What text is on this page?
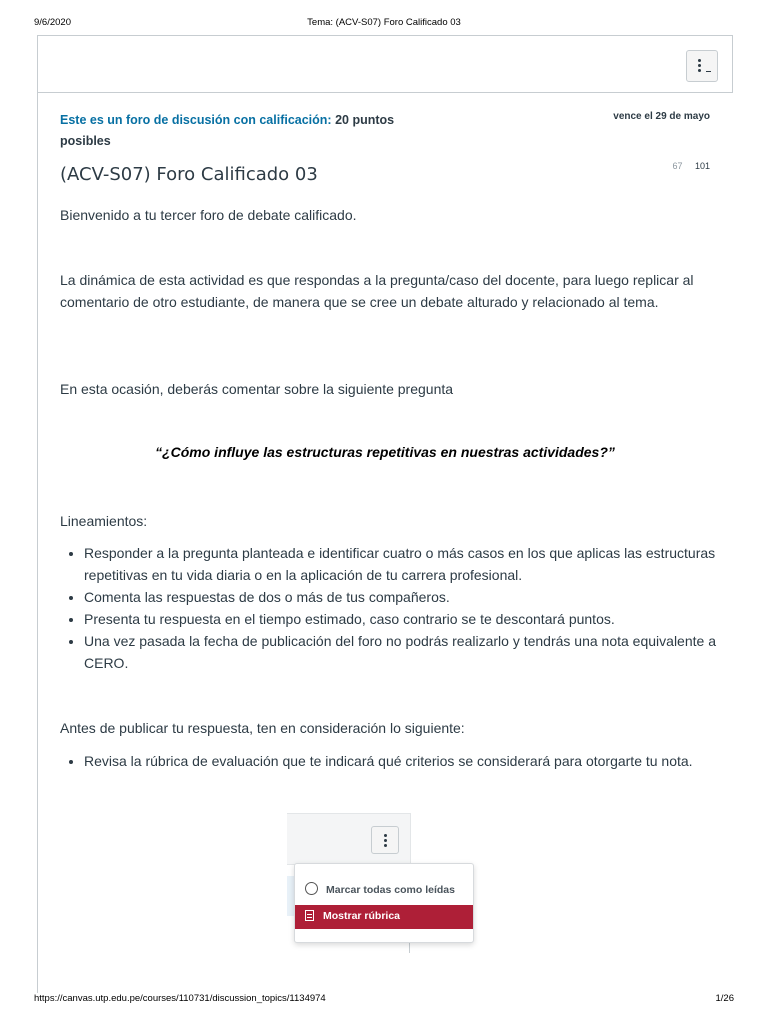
9/6/2020	Tema: (ACV-S07) Foro Calificado 03
Este es un foro de discusión con calificación: 20 puntos posibles
vence el 29 de mayo
(ACV-S07) Foro Calificado 03	67 101
Bienvenido a tu tercer foro de debate calificado.
La dinámica de esta actividad es que respondas a la pregunta/caso del docente, para luego replicar al comentario de otro estudiante, de manera que se cree un debate alturado y relacionado al tema.
En esta ocasión, deberás comentar sobre la siguiente pregunta
“¿Cómo influye las estructuras repetitivas en nuestras actividades?”
Lineamientos:
• Responder a la pregunta planteada e identificar cuatro o más casos en los que aplicas las estructuras repetitivas en tu vida diaria o en la aplicación de tu carrera profesional.
• Comenta las respuestas de dos o más de tus compañeros.
• Presenta tu respuesta en el tiempo estimado, caso contrario se te descontará puntos.
• Una vez pasada la fecha de publicación del foro no podrás realizarlo y tendrás una nota equivalente a CERO.
Antes de publicar tu respuesta, ten en consideración lo siguiente:
• Revisa la rúbrica de evaluación que te indicará qué criterios se considerará para otorgarte tu nota.
Marcar todas como leídas
Mostrar rúbrica
https://canvas.utp.edu.pe/courses/110731/discussion_topics/1134974	1/26
